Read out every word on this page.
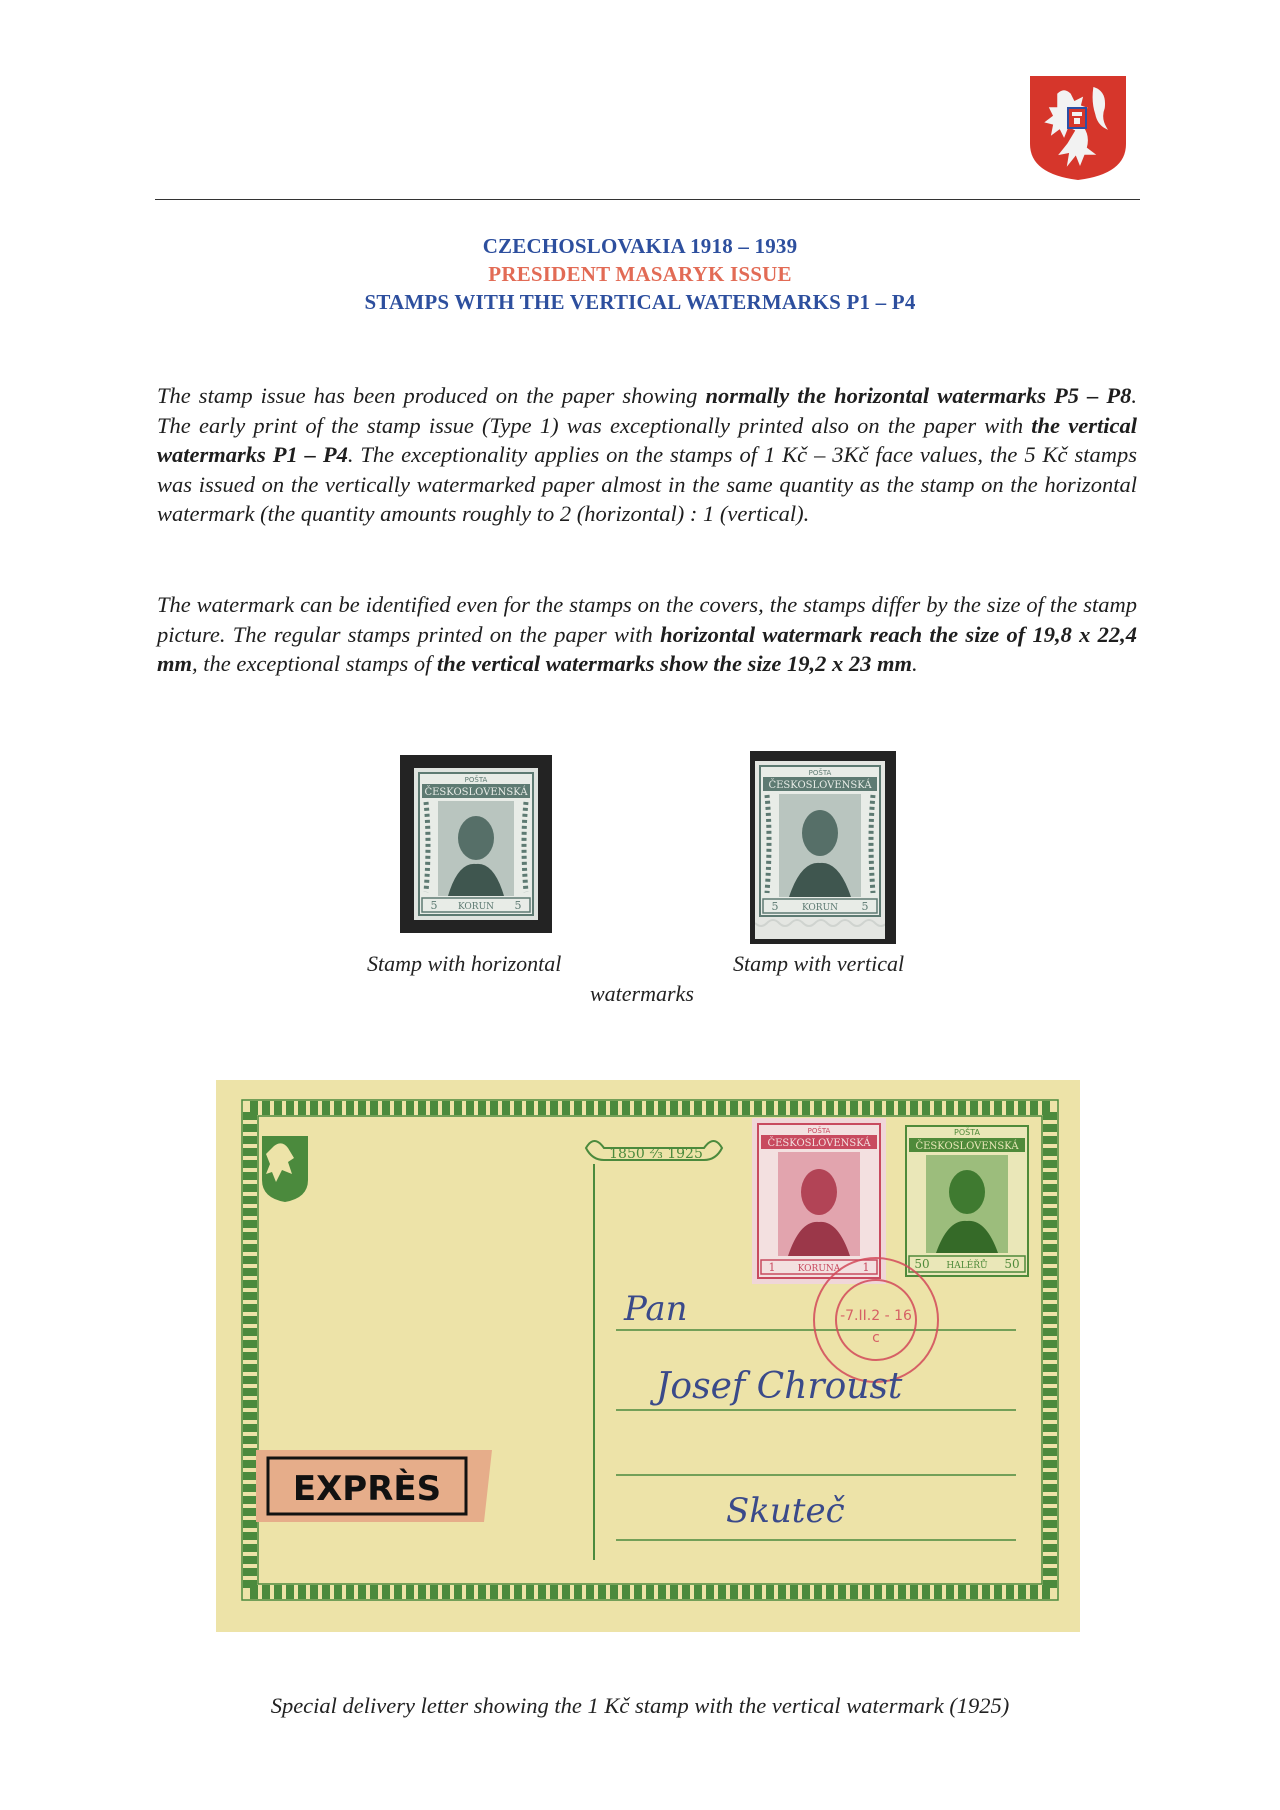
CZECHOSLOVAKIA 1918 – 1939
PRESIDENT MASARYK ISSUE
STAMPS WITH THE VERTICAL WATERMARKS P1 – P4
The stamp issue has been produced on the paper showing normally the horizontal watermarks P5 – P8. The early print of the stamp issue (Type 1) was exceptionally printed also on the paper with the vertical watermarks P1 – P4. The exceptionality applies on the stamps of 1 Kč – 3Kč face values, the 5 Kč stamps was issued on the vertically watermarked paper almost in the same quantity as the stamp on the horizontal watermark (the quantity amounts roughly to 2 (horizontal) : 1 (vertical).
The watermark can be identified even for the stamps on the covers, the stamps differ by the size of the stamp picture. The regular stamps printed on the paper with horizontal watermark reach the size of 19,8 x 22,4 mm, the exceptional stamps of the vertical watermarks show the size 19,2 x 23 mm.
POŠTA
ČESKOSLOVENSKÁ
5 KORUN 5
POŠTA
ČESKOSLOVENSKÁ
5	KORUN 5
Stamp with horizontal	Stamp with vertical
watermarks
1850 ⅔ 1925
POŠTA
ČESKOSLOVENSKÁ
1 KORUNA 1
POŠTA
ČESKOSLOVENSKÁ
50 HALÉŘŮ 50
-7.II.2 - 16
c
Pan
Josef Chroust
Skuteč
EXPRÈS
Special delivery letter showing the 1 Kč stamp with the vertical watermark (1925)
